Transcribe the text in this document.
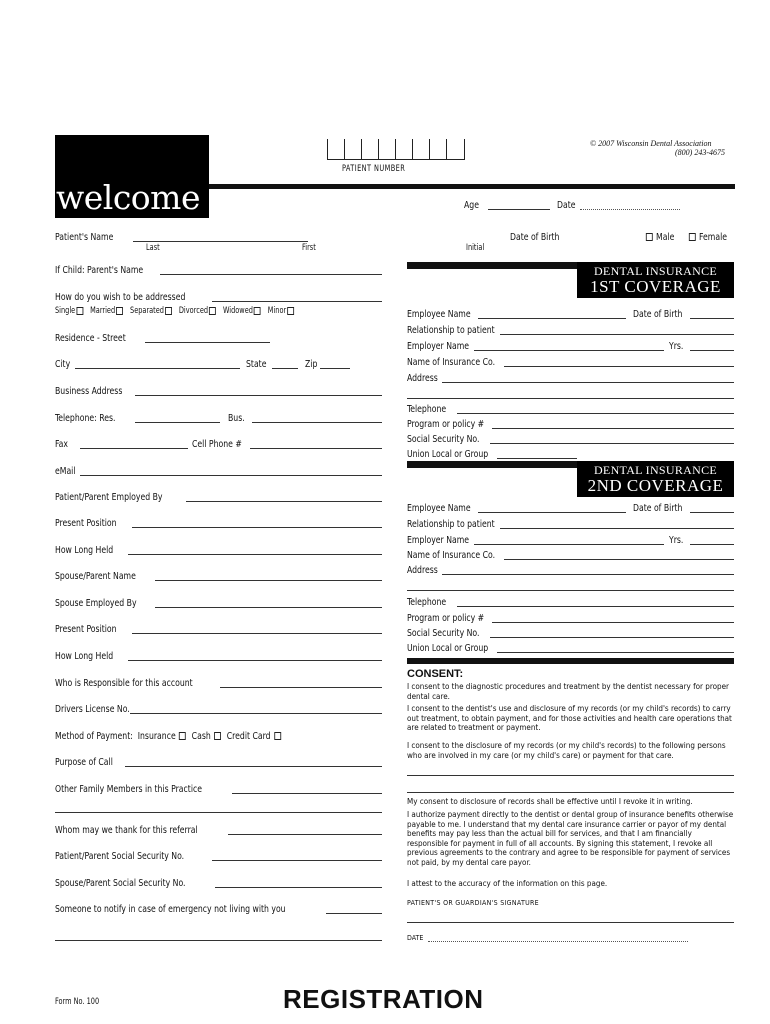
© 2007 Wisconsin Dental Association
(800) 243-4675
PATIENT NUMBER
welcome	Age	Date
Patient's Name
Last	First	Initial
Date of Birth	Male	Female
If Child: Parent's Name
How do you wish to be addressed
Single Married Separated Divorced Widowed Minor
Residence - Street
City	State	Zip
Business Address
Telephone: Res.	Bus.
Fax	Cell Phone #
eMail
Patient/Parent Employed By
Present Position
How Long Held
Spouse/Parent Name
Spouse Employed By
Present Position
How Long Held
Who is Responsible for this account
Drivers License No.
Method of Payment: Insurance Cash Credit Card
Purpose of Call
Other Family Members in this Practice
Whom may we thank for this referral
Patient/Parent Social Security No.
Spouse/Parent Social Security No.
Someone to notify in case of emergency not living with you
DENTAL INSURANCE
1ST COVERAGE
Employee Name	Date of Birth
Relationship to patient
Employer Name	Yrs.
Name of Insurance Co.
Address
Telephone
Program or policy #
Social Security No.
Union Local or Group
DENTAL INSURANCE
2ND COVERAGE
Employee Name	Date of Birth
Relationship to patient
Employer Name	Yrs.
Name of Insurance Co.
Address
Telephone
Program or policy #
Social Security No.
Union Local or Group
CONSENT:
I consent to the diagnostic procedures and treatment by the dentist necessary for proper dental care.
I consent to the dentist's use and disclosure of my records (or my child's records) to carry out treatment, to obtain payment, and for those activities and health care operations that are related to treatment or payment.
I consent to the disclosure of my records (or my child's records) to the following persons who are involved in my care (or my child's care) or payment for that care.
My consent to disclosure of records shall be effective until I revoke it in writing.
I authorize payment directly to the dentist or dental group of insurance benefits otherwise payable to me. I understand that my dental care insurance carrier or payor of my dental benefits may pay less than the actual bill for services, and that I am financially responsible for payment in full of all accounts. By signing this statement, I revoke all previous agreements to the contrary and agree to be responsible for payment of services not paid, by my dental care payor.
I attest to the accuracy of the information on this page.
PATIENT'S OR GUARDIAN'S SIGNATURE
DATE
Form No. 100	REGISTRATION
